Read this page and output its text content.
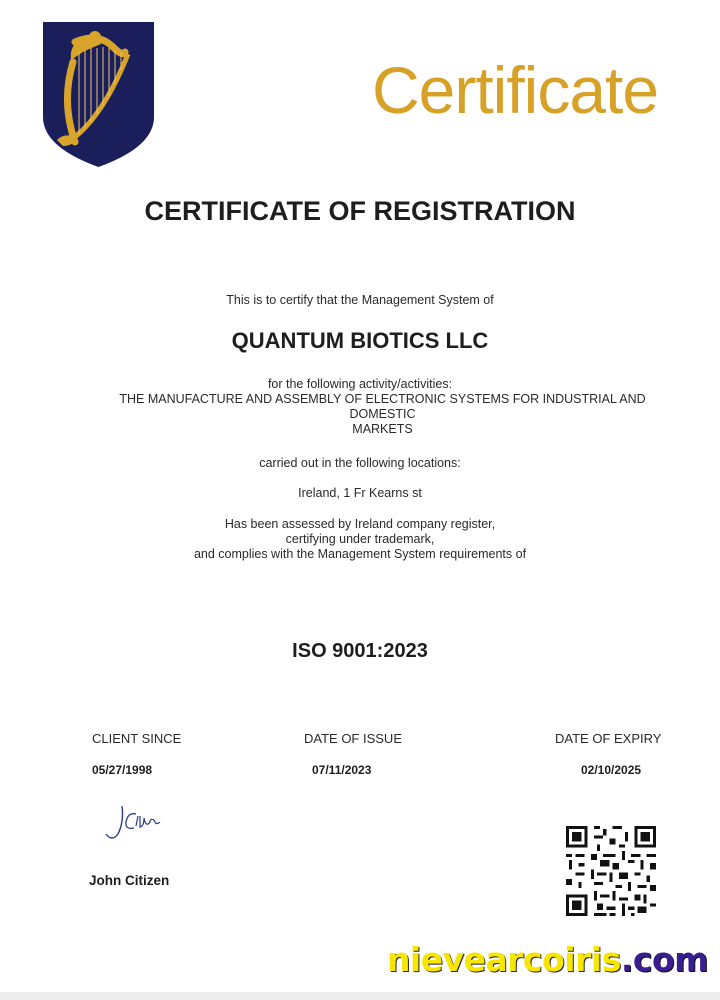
Certificate
CERTIFICATE OF REGISTRATION
This is to certify that the Management System of
QUANTUM BIOTICS LLC
for the following activity/activities:
THE MANUFACTURE AND ASSEMBLY OF ELECTRONIC SYSTEMS FOR INDUSTRIAL AND
DOMESTIC
MARKETS
carried out in the following locations:
Ireland, 1 Fr Kearns st
Has been assessed by Ireland company register,
certifying under trademark,
and complies with the Management System requirements of
ISO 9001:2023
CLIENT SINCE
05/27/1998
DATE OF ISSUE
07/11/2023
DATE OF EXPIRY
02/10/2025
John Citizen
nievearcoiris.com
